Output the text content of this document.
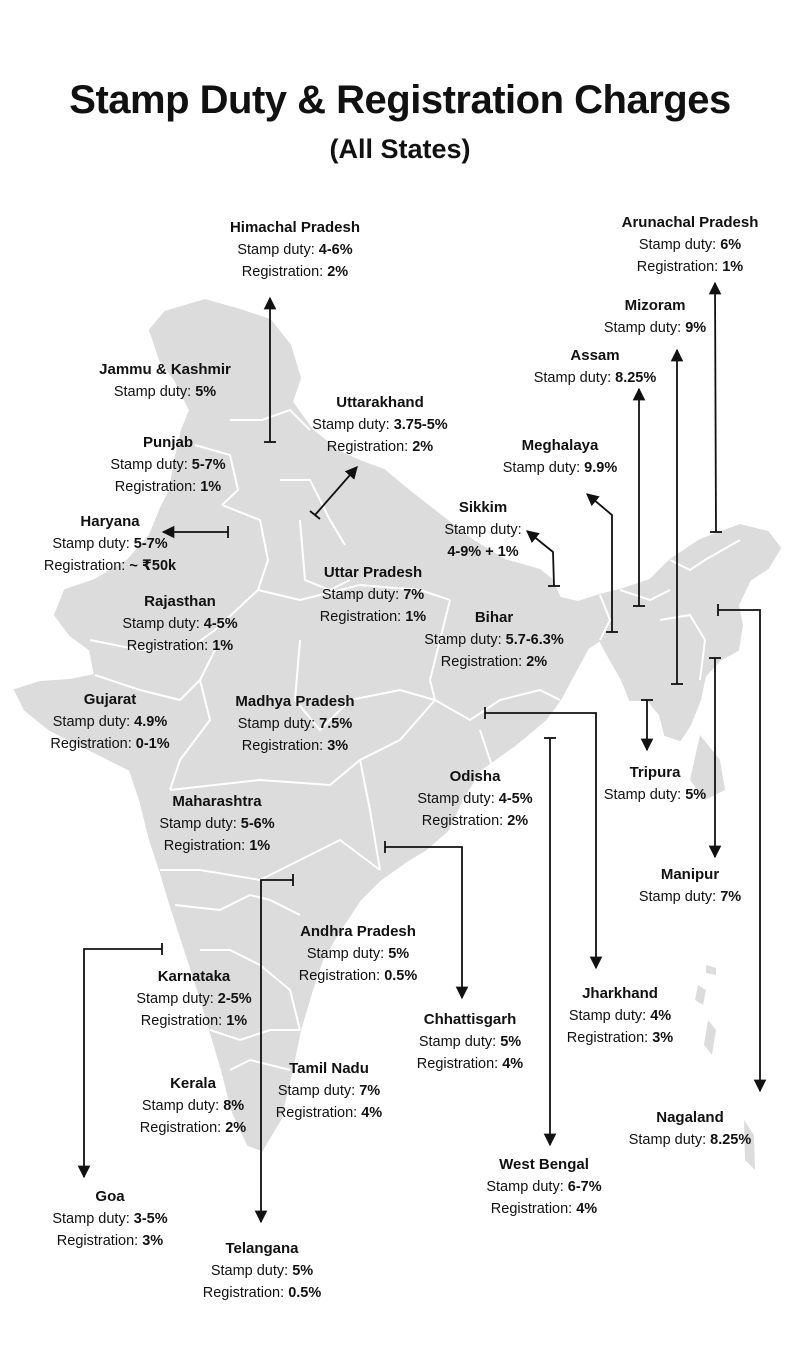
Stamp Duty & Registration Charges
(All States)
Himachal Pradesh
Stamp duty: 4-6%
Registration: 2%
Arunachal Pradesh
Stamp duty: 6%
Registration: 1%
Mizoram
Stamp duty: 9%
Jammu & Kashmir
Stamp duty: 5%
Assam
Stamp duty: 8.25%
Uttarakhand
Stamp duty: 3.75-5%
Registration: 2%	Meghalaya
Stamp duty: 9.9%
Punjab
Stamp duty: 5-7%
Registration: 1%
Sikkim
Stamp duty:
4-9% + 1%
Haryana
Stamp duty: 5-7%
Registration: ~ ₹50k	Uttar Pradesh
Stamp duty: 7%
Registration: 1%
Rajasthan
Stamp duty: 4-5%
Registration: 1%
Bihar
Stamp duty: 5.7-6.3%
Registration: 2%
Gujarat
Stamp duty: 4.9%
Registration: 0-1%
Madhya Pradesh
Stamp duty: 7.5%
Registration: 3%
Tripura
Stamp duty: 5%
Odisha
Stamp duty: 4-5%
Registration: 2%
Maharashtra
Stamp duty: 5-6%
Registration: 1%
Manipur
Stamp duty: 7%
Andhra Pradesh
Stamp duty: 5%
Registration: 0.5%
Karnataka
Stamp duty: 2-5%
Registration: 1%
Jharkhand
Stamp duty: 4%
Registration: 3%
Chhattisgarh
Stamp duty: 5%
Registration: 4%
Tamil Nadu
Stamp duty: 7%
Registration: 4%
Kerala
Stamp duty: 8%
Registration: 2%
Nagaland
Stamp duty: 8.25%
West Bengal
Stamp duty: 6-7%
Registration: 4%
Goa
Stamp duty: 3-5%
Registration: 3%	Telangana
Stamp duty: 5%
Registration: 0.5%
